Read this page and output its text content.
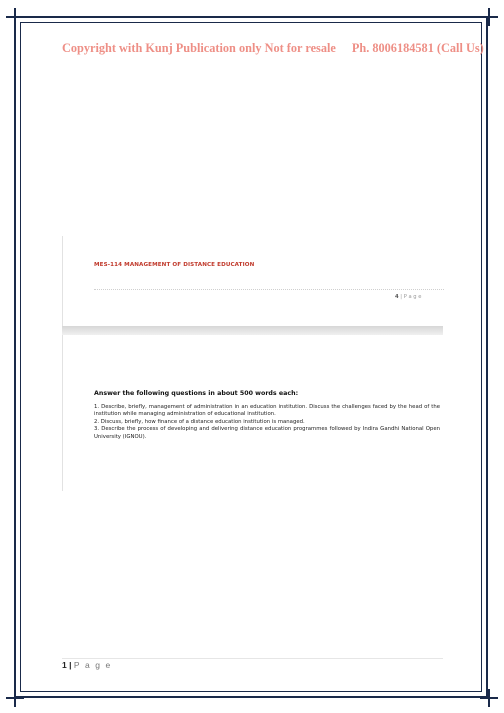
Copyright with Kunj Publication only Not for resale Ph. 8006184581 (Call Us)
MES-114 MANAGEMENT OF DISTANCE EDUCATION
4 | P a g e
Answer the following questions in about 500 words each:

1. Describe, briefly, management of administration in an education institution. Discuss the challenges faced by the head of the institution while managing administration of educational institution.

2. Discuss, briefly, how finance of a distance education institution is managed.

3. Describe the process of developing and delivering distance education programmes followed by Indira Gandhi National Open University (IGNOU).

1 | P a g e
